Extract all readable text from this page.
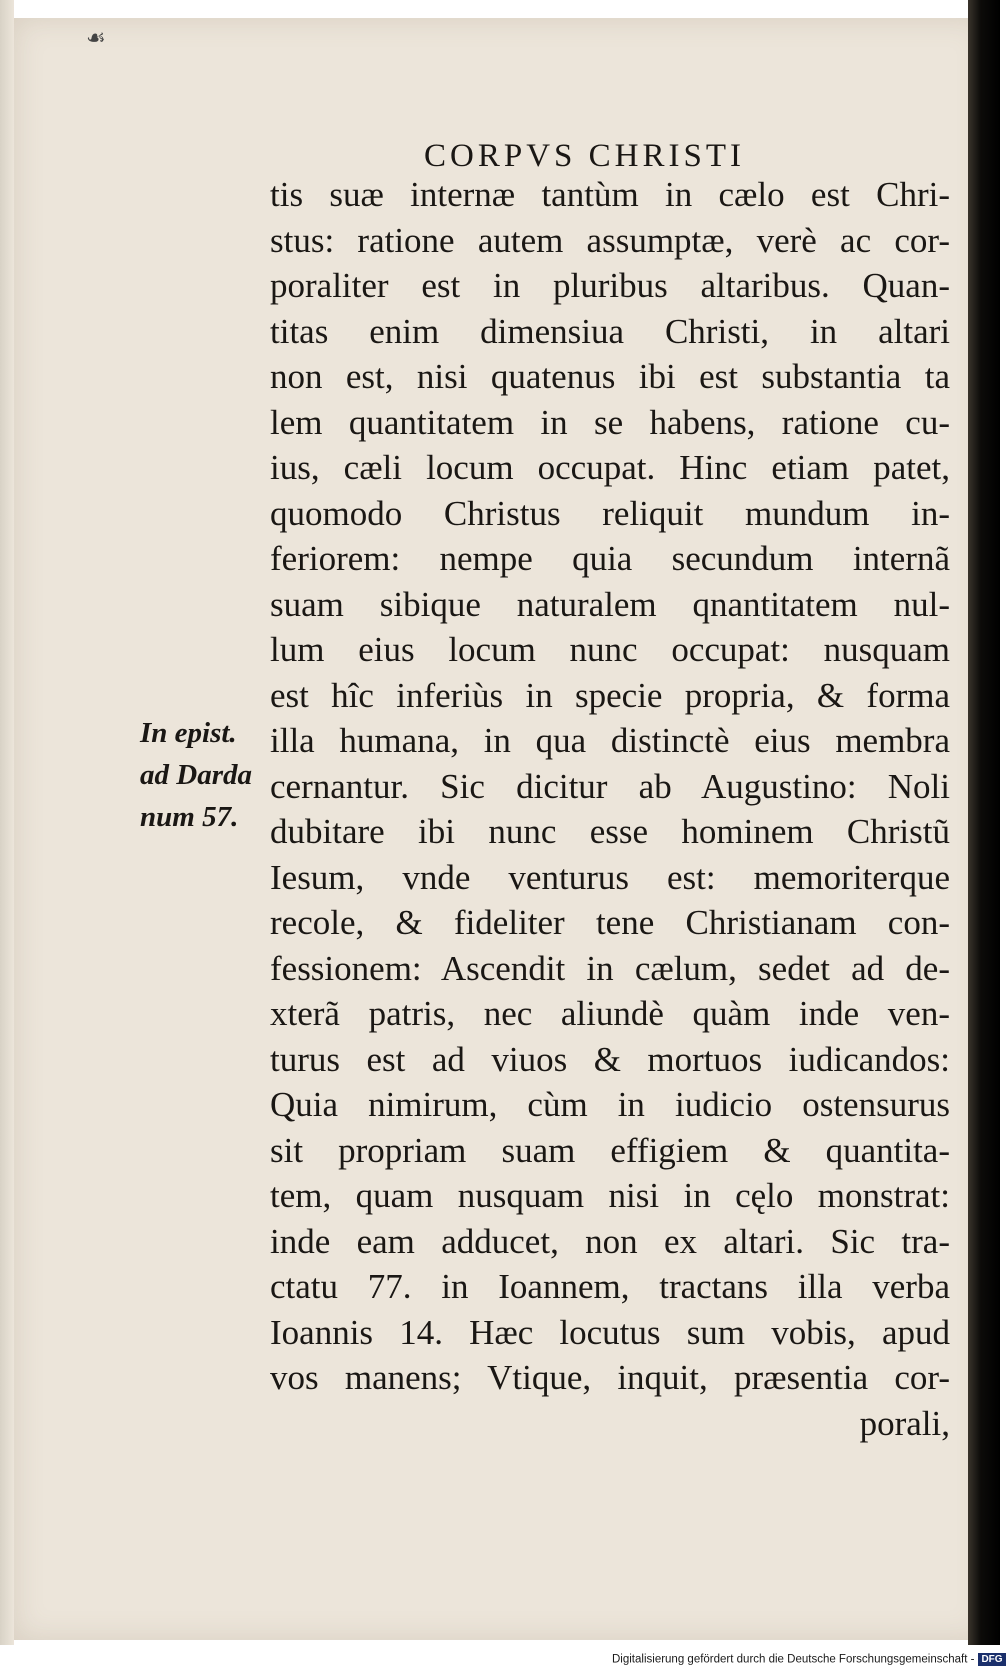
☙
CORPVS CHRISTI
In epist.
ad Darda
num 57.
tis suæ internæ tantùm in cælo est Chri-
stus: ratione autem assumptæ, verè ac cor-
poraliter est in pluribus altaribus. Quan-
titas enim dimensiua Christi, in altari
non est, nisi quatenus ibi est substantia ta
lem quantitatem in se habens, ratione cu-
ius, cæli locum occupat. Hinc etiam patet,
quomodo Christus reliquit mundum in-
feriorem: nempe quia secundum internã
suam sibique naturalem qnantitatem nul-
lum eius locum nunc occupat: nusquam
est hîc inferiùs in specie propria, & forma
illa humana, in qua distinctè eius membra
cernantur. Sic dicitur ab Augustino: Noli
dubitare ibi nunc esse hominem Christũ
Iesum, vnde venturus est: memoriterque
recole, & fideliter tene Christianam con-
fessionem: Ascendit in cælum, sedet ad de-
xterã patris, nec aliundè quàm inde ven-
turus est ad viuos & mortuos iudicandos:
Quia nimirum, cùm in iudicio ostensurus
sit propriam suam effigiem & quantita-
tem, quam nusquam nisi in cęlo monstrat:
inde eam adducet, non ex altari. Sic tra-
ctatu 77. in Ioannem, tractans illa verba
Ioannis 14. Hæc locutus sum vobis, apud
vos manens; Vtique, inquit, præsentia cor-
porali,
Digitalisierung gefördert durch die Deutsche Forschungsgemeinschaft - DFG
